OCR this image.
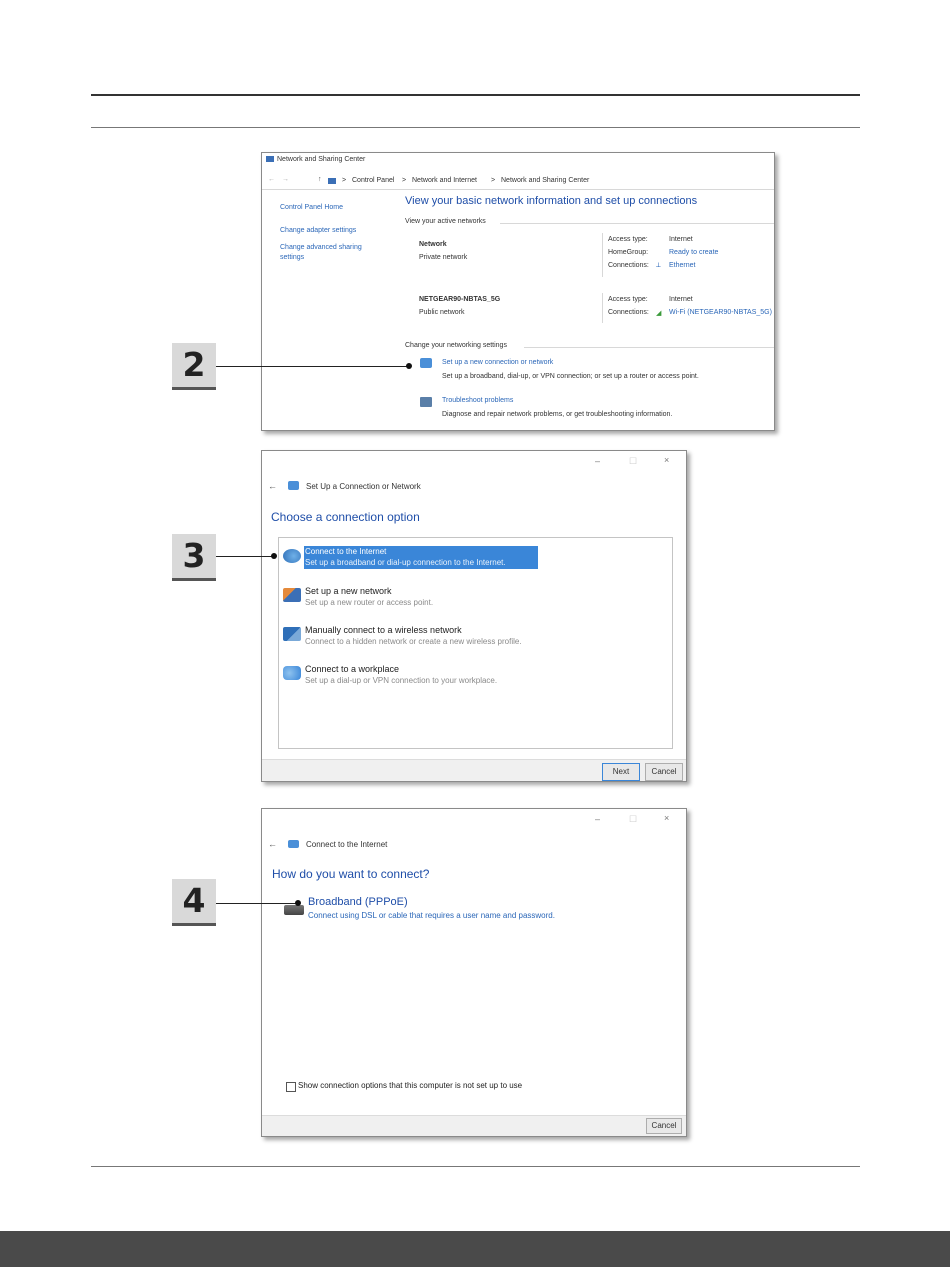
Network and Sharing Center
← →	↑	> Control Panel > Network and Internet > Network and Sharing Center
Control Panel Home
Change adapter settings
Change advanced sharing
settings
View your basic network information and set up connections
View your active networks
Network
Private network
Access type:	Internet
HomeGroup:	Ready to create
Connections: ⟂ Ethernet
NETGEAR90-NBTAS_5G
Public network
Access type:	Internet
Connections: ◢ Wi-Fi (NETGEAR90-NBTAS_5G)
Change your networking settings
Set up a new connection or network
Set up a broadband, dial-up, or VPN connection; or set up a router or access point.
Troubleshoot problems
Diagnose and repair network problems, or get troubleshooting information.
2
–	☐	×
←	Set Up a Connection or Network
Choose a connection option
Connect to the Internet
Set up a broadband or dial-up connection to the Internet.
Set up a new network
Set up a new router or access point.
Manually connect to a wireless network
Connect to a hidden network or create a new wireless profile.
Connect to a workplace
Set up a dial-up or VPN connection to your workplace.
Next	Cancel
3
–	☐	×
←	Connect to the Internet
How do you want to connect?
Broadband (PPPoE)
Connect using DSL or cable that requires a user name and password.
Show connection options that this computer is not set up to use
Cancel
4
